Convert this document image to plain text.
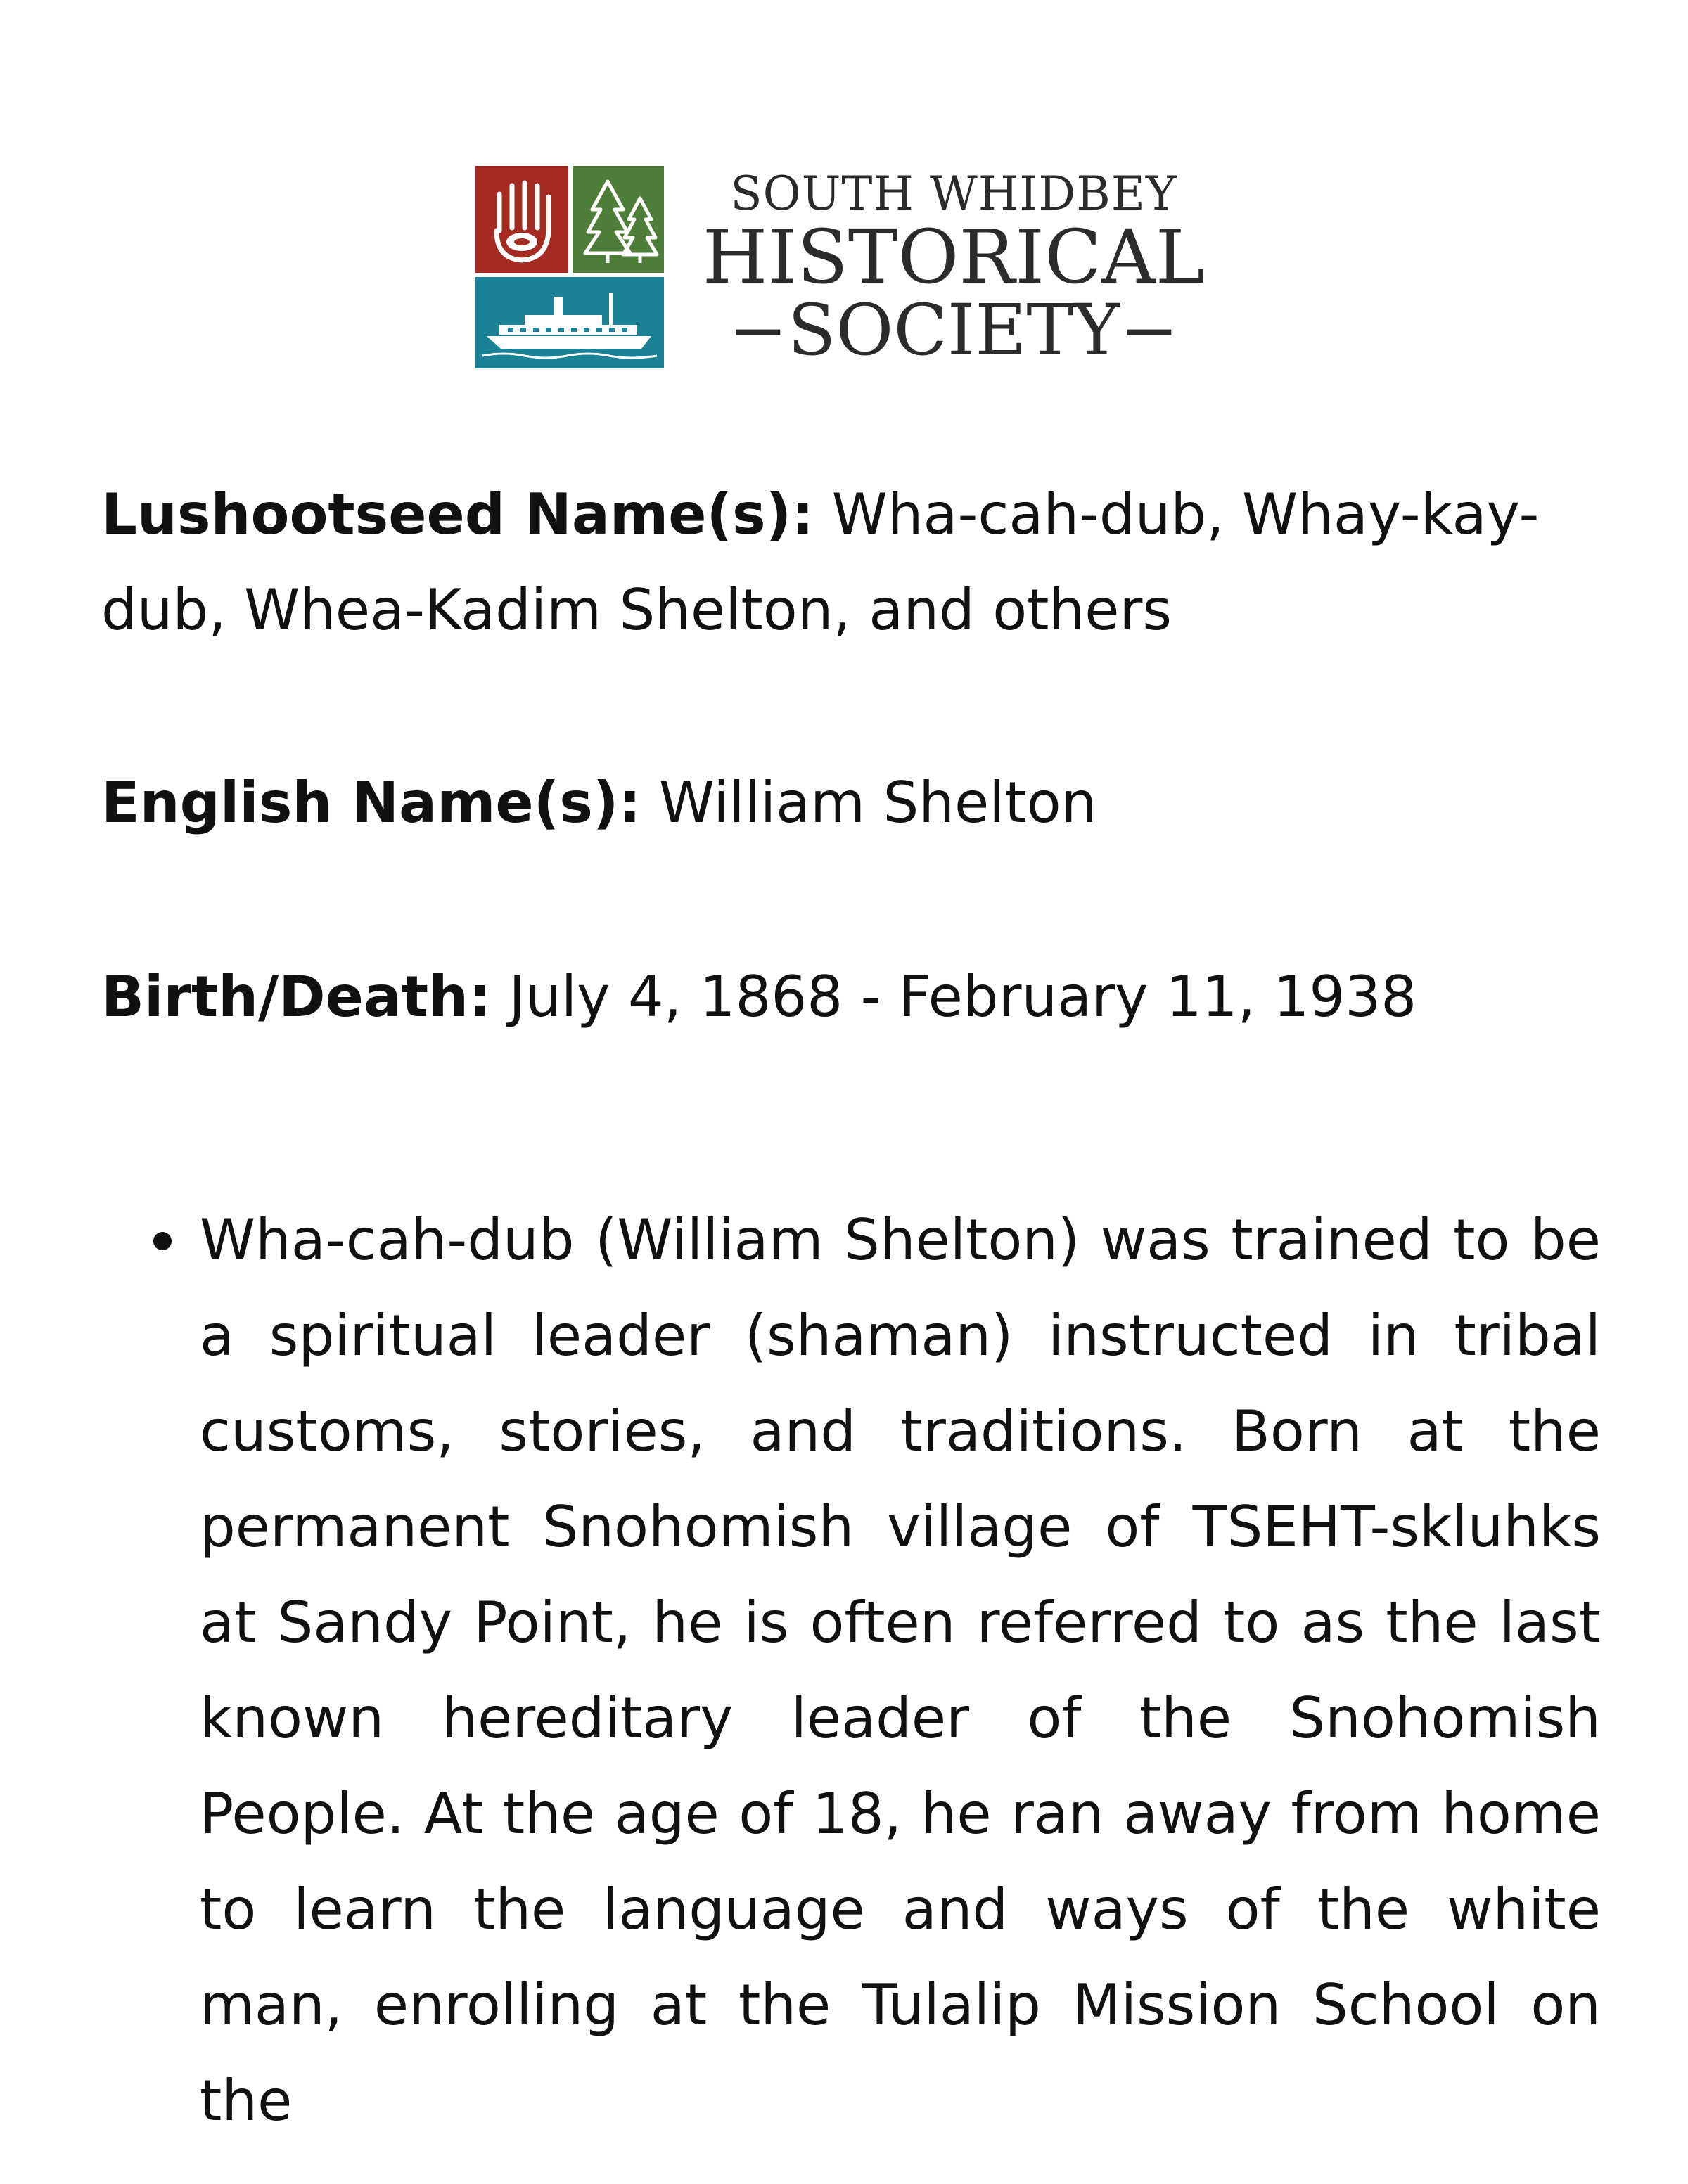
SOUTH WHIDBEY
HISTORICAL
−SOCIETY−
Lushootseed Name(s): Wha-cah-dub, Whay-kay-dub, Whea-Kadim Shelton, and others
English Name(s): William Shelton
Birth/Death: July 4, 1868 - February 11, 1938
Wha-cah-dub (William Shelton) was trained to be a spiritual leader (shaman) instructed in tribal customs, stories, and traditions. Born at the permanent Snohomish village of TSEHT-skluhks at Sandy Point, he is often referred to as the last known hereditary leader of the Snohomish People. At the age of 18, he ran away from home to learn the language and ways of the white man, enrolling at the Tulalip Mission School on the
